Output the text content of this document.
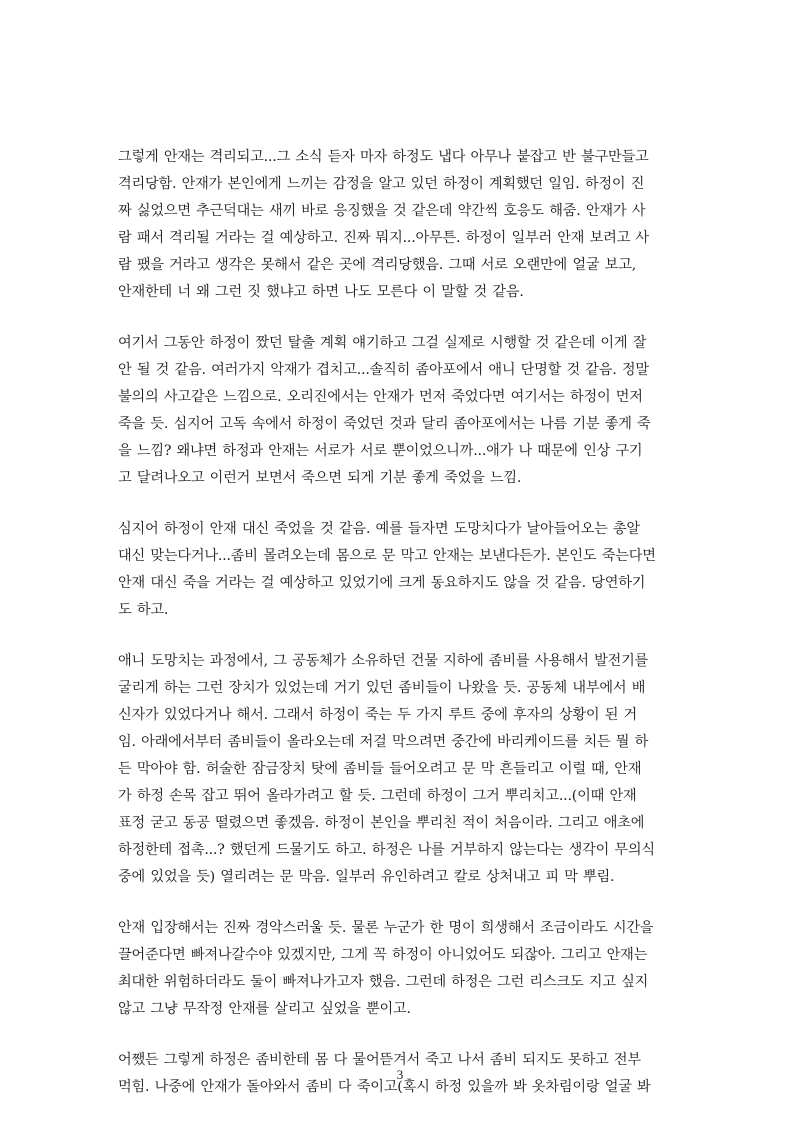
그렇게 안재는 격리되고...그 소식 듣자 마자 하정도 냅다 아무나 붙잡고 반 불구만들고
격리당함. 안재가 본인에게 느끼는 감정을 알고 있던 하정이 계획했던 일임. 하정이 진
짜 싫었으면 추근덕대는 새끼 바로 응징했을 것 같은데 약간씩 호응도 해줌. 안재가 사
람 패서 격리될 거라는 걸 예상하고. 진짜 뭐지...아무튼. 하정이 일부러 안재 보려고 사
람 팼을 거라고 생각은 못해서 같은 곳에 격리당했음. 그때 서로 오랜만에 얼굴 보고,
안재한테 너 왜 그런 짓 했냐고 하면 나도 모른다 이 말할 것 같음.

여기서 그동안 하정이 짰던 탈출 계획 얘기하고 그걸 실제로 시행할 것 같은데 이게 잘
안 될 것 같음. 여러가지 악재가 겹치고...솔직히 좀아포에서 애니 단명할 것 같음. 정말
불의의 사고같은 느낌으로. 오리진에서는 안재가 먼저 죽었다면 여기서는 하정이 먼저
죽을 듯. 심지어 고독 속에서 하정이 죽었던 것과 달리 좀아포에서는 나름 기분 좋게 죽
을 느낌? 왜냐면 하정과 안재는 서로가 서로 뿐이었으니까...애가 나 때문에 인상 구기
고 달려나오고 이런거 보면서 죽으면 되게 기분 좋게 죽었을 느낌.

심지어 하정이 안재 대신 죽었을 것 같음. 예를 들자면 도망치다가 날아들어오는 총알
대신 맞는다거나...좀비 몰려오는데 몸으로 문 막고 안재는 보낸다든가. 본인도 죽는다면
안재 대신 죽을 거라는 걸 예상하고 있었기에 크게 동요하지도 않을 것 같음. 당연하기
도 하고.

애니 도망치는 과정에서, 그 공동체가 소유하던 건물 지하에 좀비를 사용해서 발전기를
굴리게 하는 그런 장치가 있었는데 거기 있던 좀비들이 나왔을 듯. 공동체 내부에서 배
신자가 있었다거나 해서. 그래서 하정이 죽는 두 가지 루트 중에 후자의 상황이 된 거
임. 아래에서부터 좀비들이 올라오는데 저걸 막으려면 중간에 바리케이드를 치든 뭘 하
든 막아야 함. 허술한 잠금장치 탓에 좀비들 들어오려고 문 막 흔들리고 이럴 때, 안재
가 하정 손목 잡고 뛰어 올라가려고 할 듯. 그런데 하정이 그거 뿌리치고...(이때 안재
표정 굳고 동공 떨렸으면 좋겠음. 하정이 본인을 뿌리친 적이 처음이라. 그리고 애초에
하정한테 접촉...? 했던게 드물기도 하고. 하정은 나를 거부하지 않는다는 생각이 무의식
중에 있었을 듯) 열리려는 문 막음. 일부러 유인하려고 칼로 상처내고 피 막 뿌림.

안재 입장해서는 진짜 경악스러울 듯. 물론 누군가 한 명이 희생해서 조금이라도 시간을
끌어준다면 빠져나갈수야 있겠지만, 그게 꼭 하정이 아니었어도 되잖아. 그리고 안재는
최대한 위험하더라도 둘이 빠져나가고자 했음. 그런데 하정은 그런 리스크도 지고 싶지
않고 그냥 무작정 안재를 살리고 싶었을 뿐이고.

어쨌든 그렇게 하정은 좀비한테 몸 다 물어뜯겨서 죽고 나서 좀비 되지도 못하고 전부
먹힘. 나중에 안재가 돌아와서 좀비 다 죽이고(혹시 하정 있을까 봐 옷차림이랑 얼굴 봐

3
